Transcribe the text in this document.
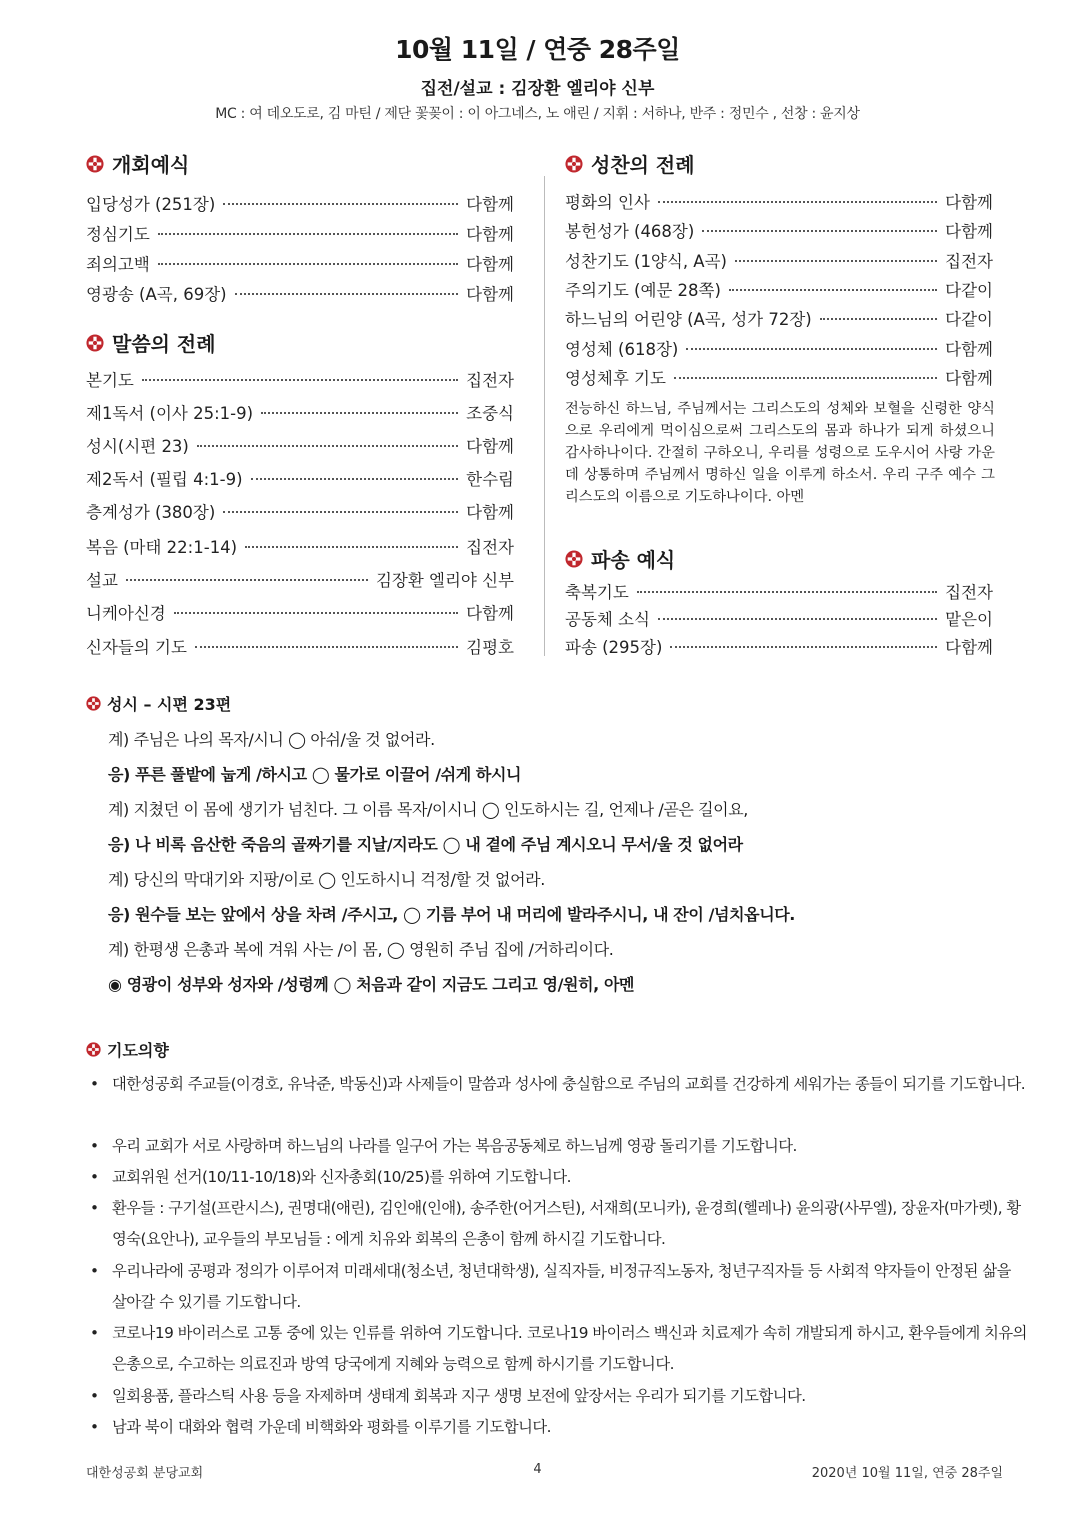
10월 11일 / 연중 28주일
집전/설교 : 김장환 엘리야 신부
MC : 여 데오도로, 김 마틴 / 제단 꽃꽂이 : 이 아그네스, 노 애린 / 지휘 : 서하나, 반주 : 정민수 , 선창 : 윤지상
개회예식
입당성가 (251장)	다함께
정심기도	다함께
죄의고백	다함께
영광송 (A곡, 69장)	다함께
말씀의 전례
본기도	집전자
제1독서 (이사 25:1-9)	조중식
성시(시편 23)	다함께
제2독서 (필립 4:1-9)	한수림
층계성가 (380장)	다함께
복음 (마태 22:1-14)	집전자
설교	김장환 엘리야 신부
니케아신경	다함께
신자들의 기도	김평호
성찬의 전례
평화의 인사	다함께
봉헌성가 (468장)	다함께
성찬기도 (1양식, A곡)	집전자
주의기도 (예문 28쪽)	다같이
하느님의 어린양 (A곡, 성가 72장)	다같이
영성체 (618장)	다함께
영성체후 기도	다함께
전능하신 하느님, 주님께서는 그리스도의 성체와 보혈을 신령한 양식으로 우리에게 먹이심으로써 그리스도의 몸과 하나가 되게 하셨으니 감사하나이다. 간절히 구하오니, 우리를 성령으로 도우시어 사랑 가운데 상통하며 주님께서 명하신 일을 이루게 하소서. 우리 구주 예수 그리스도의 이름으로 기도하나이다. 아멘
파송 예식
축복기도	집전자
공동체 소식	맡은이
파송 (295장)	다함께
성시 – 시편 23편
계) 주님은 나의 목자/시니 ◯ 아쉬/울 것 없어라.
응) 푸른 풀밭에 눕게 /하시고 ◯ 물가로 이끌어 /쉬게 하시니
계) 지쳤던 이 몸에 생기가 넘친다. 그 이름 목자/이시니 ◯ 인도하시는 길, 언제나 /곧은 길이요,
응) 나 비록 음산한 죽음의 골짜기를 지날/지라도 ◯ 내 곁에 주님 계시오니 무서/울 것 없어라
계) 당신의 막대기와 지팡/이로 ◯ 인도하시니 걱정/할 것 없어라.
응) 원수들 보는 앞에서 상을 차려 /주시고, ◯ 기름 부어 내 머리에 발라주시니, 내 잔이 /넘치옵니다.
계) 한평생 은총과 복에 겨워 사는 /이 몸, ◯ 영원히 주님 집에 /거하리이다.
◉ 영광이 성부와 성자와 /성령께 ◯ 처음과 같이 지금도 그리고 영/원히, 아멘
기도의향
• 대한성공회 주교들(이경호, 유낙준, 박동신)과 사제들이 말씀과 성사에 충실함으로 주님의 교회를 건강하게 세워가는 종들이 되기를 기도합니다.
• 우리 교회가 서로 사랑하며 하느님의 나라를 일구어 가는 복음공동체로 하느님께 영광 돌리기를 기도합니다.
• 교회위원 선거(10/11-10/18)와 신자총회(10/25)를 위하여 기도합니다.
• 환우들 : 구기설(프란시스), 권명대(애린), 김인애(인애), 송주한(어거스틴), 서재희(모니카), 윤경희(헬레나) 윤의광(사무엘), 장윤자(마가렛), 황영숙(요안나), 교우들의 부모님들 : 에게 치유와 회복의 은총이 함께 하시길 기도합니다.
• 우리나라에 공평과 정의가 이루어져 미래세대(청소년, 청년대학생), 실직자들, 비정규직노동자, 청년구직자들 등 사회적 약자들이 안정된 삶을 살아갈 수 있기를 기도합니다.
• 코로나19 바이러스로 고통 중에 있는 인류를 위하여 기도합니다. 코로나19 바이러스 백신과 치료제가 속히 개발되게 하시고, 환우들에게 치유의 은총으로, 수고하는 의료진과 방역 당국에게 지혜와 능력으로 함께 하시기를 기도합니다.
• 일회용품, 플라스틱 사용 등을 자제하며 생태계 회복과 지구 생명 보전에 앞장서는 우리가 되기를 기도합니다.
• 남과 북이 대화와 협력 가운데 비핵화와 평화를 이루기를 기도합니다.
대한성공회 분당교회	4	2020년 10월 11일, 연중 28주일
